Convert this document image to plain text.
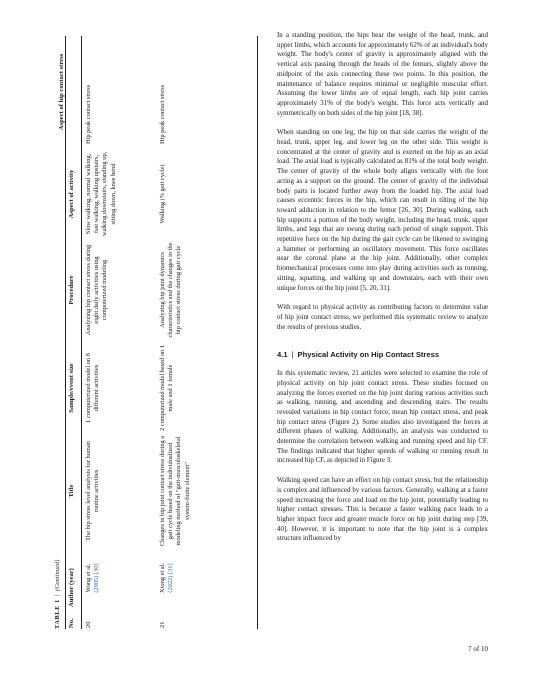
TABLE 1  |  (Continued)
No.
Author (year)
Title
Sample/event size
Procedure
Aspect of activity
Aspect of hip contact stress
20
Wang et al.
(2005) [30]
The hip stress level analysis for human routine activities
1 computerized model on 8 different activities
Analyzing hip contact stress during eight daily activities using computerized modeling
Slow walking, normal walking, fast walking, walking upstairs, walking downstairs, standing up, sitting down, knee bend
Hip peak contact stress
21
Xiong et al.
(2022) [31]
Changes in hip joint contact stress during a gait cycle based on the individualized modeling method of "gait-musculoskeletal system-finite element"
2 computerized model based on 1 male and 1 female
Analyzing hip joint dynamics characteristics and the changes in the hip contact stress during gait cycle
Walking (% gait cycle)
Hip peak contact stress

In a standing position, the hips bear the weight of the head, trunk, and upper limbs, which accounts for approximately 62% of an individual's body weight. The body's center of gravity is approximately aligned with the vertical axis passing through the heads of the femurs, slightly above the midpoint of the axis connecting these two points. In this position, the maintenance of balance requires minimal or negligible muscular effort. Assuming the lower limbs are of equal length, each hip joint carries approximately 31% of the body's weight. This force acts vertically and symmetrically on both sides of the hip joint [18, 38].

When standing on one leg, the hip on that side carries the weight of the head, trunk, upper leg, and lower leg on the other side. This weight is concentrated at the center of gravity and is exerted on the hip as an axial load. The axial load is typically calculated as 81% of the total body weight. The center of gravity of the whole body aligns vertically with the foot acting as a support on the ground. The center of gravity of the individual body parts is located further away from the loaded hip. The axial load causes eccentric forces in the hip, which can result in tilting of the hip toward adduction in relation to the femur [26, 30]. During walking, each hip supports a portion of the body weight, including the head, trunk, upper limbs, and legs that are swung during each period of single support. This repetitive force on the hip during the gait cycle can be likened to swinging a hammer or performing an oscillatory movement. This force oscillates near the coronal plane at the hip joint. Additionally, other complex biomechanical processes come into play during activities such as running, sitting, squatting, and walking up and downstairs, each with their own unique forces on the hip joint [5, 20, 31].

With regard to physical activity as contributing factors to determine value of hip joint contact stress, we performed this systematic review to analyze the results of previous studies.

4.1 | Physical Activity on Hip Contact Stress

In this systematic review, 21 articles were selected to examine the role of physical activity on hip joint contact stress. These studies focused on analyzing the forces exerted on the hip joint during various activities such as walking, running, and ascending and descending stairs. The results revealed variations in hip contact force, mean hip contact stress, and peak hip contact stress (Figure 2). Some studies also investigated the forces at different phases of walking. Additionally, an analysis was conducted to determine the correlation between walking and running speed and hip CF. The findings indicated that higher speeds of walking or running result in increased hip CF, as depicted in Figure 3.

Walking speed can have an effect on hip contact stress, but the relationship is complex and influenced by various factors. Generally, walking at a faster speed increasing the force and load on the hip joint, potentially leading to higher contact stresses. This is because a faster walking pace leads to a higher impact force and greater muscle force on hip joint during step [39, 40]. However, it is important to note that the hip joint is a complex structure influenced by

7 of 10
